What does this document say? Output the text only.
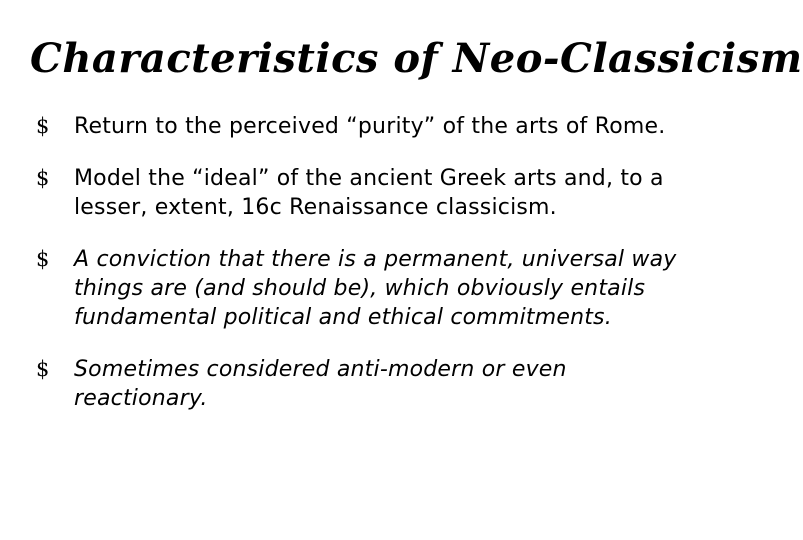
Characteristics of Neo-Classicism
$ Return to the perceived “purity” of the arts of Rome.
$ Model the “ideal” of the ancient Greek arts and, to a lesser, extent, 16c Renaissance classicism.
$ A conviction that there is a permanent, universal way things are (and should be), which obviously entails fundamental political and ethical commitments.
$ Sometimes considered anti-modern or even reactionary.
